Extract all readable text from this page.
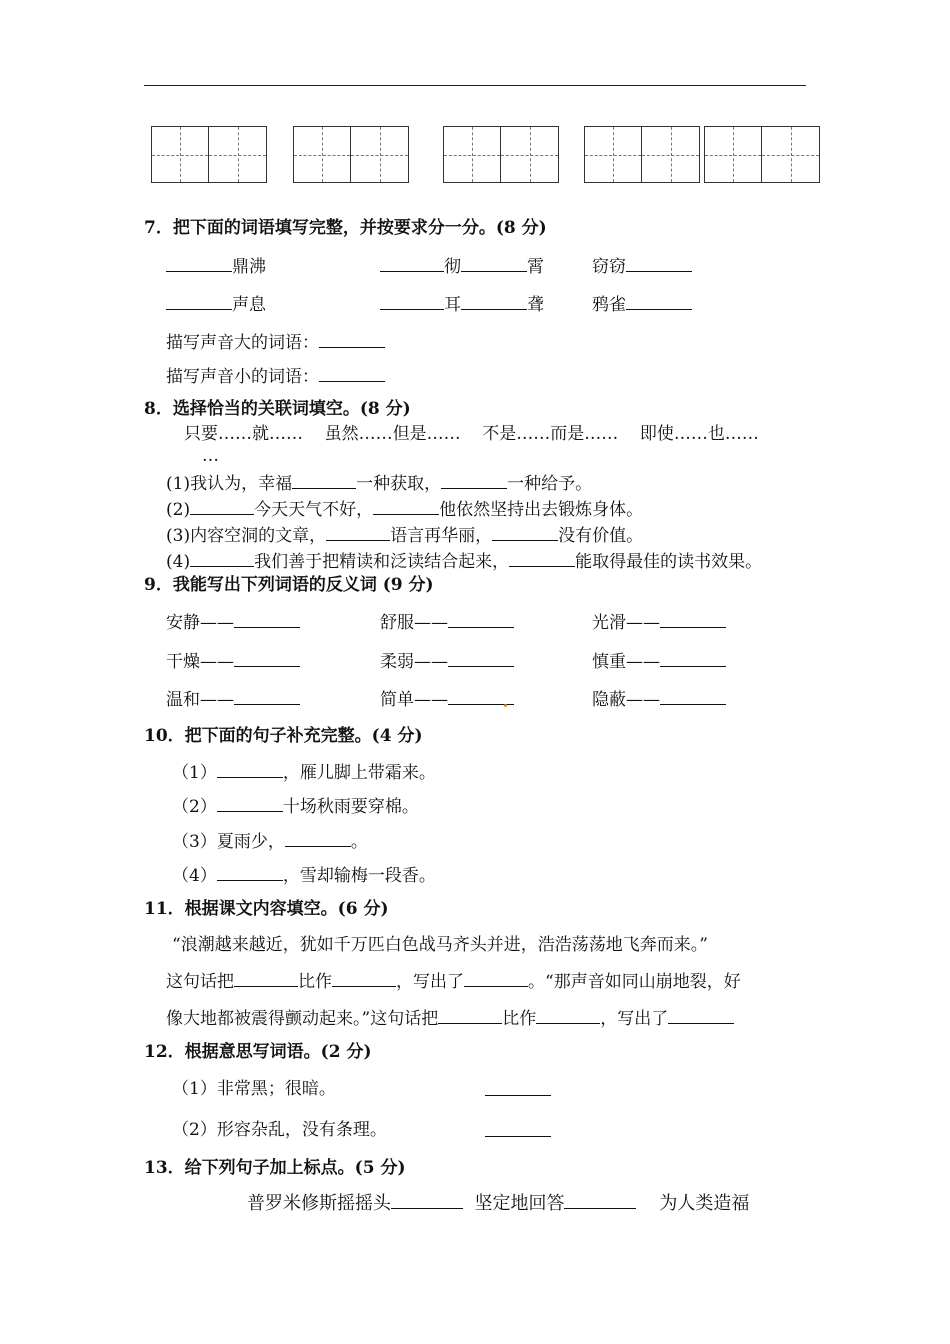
7．把下面的词语填写完整，并按要求分一分。(8 分)
鼎沸	彻	霄	窃窃
声息	耳	聋	鸦雀
描写声音大的词语：
描写声音小的词语：
8．选择恰当的关联词填空。(8 分)
只要……就……    虽然……但是……    不是……而是……    即使……也……
…
(1)我认为，幸福	一种获取，	一种给予。
(2)	今天天气不好，	他依然坚持出去锻炼身体。
(3)内容空洞的文章，	语言再华丽，	没有价值。
(4)	我们善于把精读和泛读结合起来，	能取得最佳的读书效果。
9．我能写出下列词语的反义词 (9 分)
安静——	舒服——	光滑——
干燥——	柔弱——	慎重——
温和——	简单——	隐蔽——
10．把下面的句子补充完整。(4 分)
（1）	，雁儿脚上带霜来。
（2）	十场秋雨要穿棉。
（3）夏雨少，	。
（4）	，雪却输梅一段香。
11．根据课文内容填空。(6 分)
“浪潮越来越近，犹如千万匹白色战马齐头并进，浩浩荡荡地飞奔而来。”
这句话把	比作	，写出了	。“那声音如同山崩地裂，好
像大地都被震得颤动起来。”这句话把	比作	，写出了
12．根据意思写词语。(2 分)
（1）非常黑；很暗。
（2）形容杂乱，没有条理。
13．给下列句子加上标点。(5 分)
普罗米修斯摇摇头	坚定地回答	为人类造福
